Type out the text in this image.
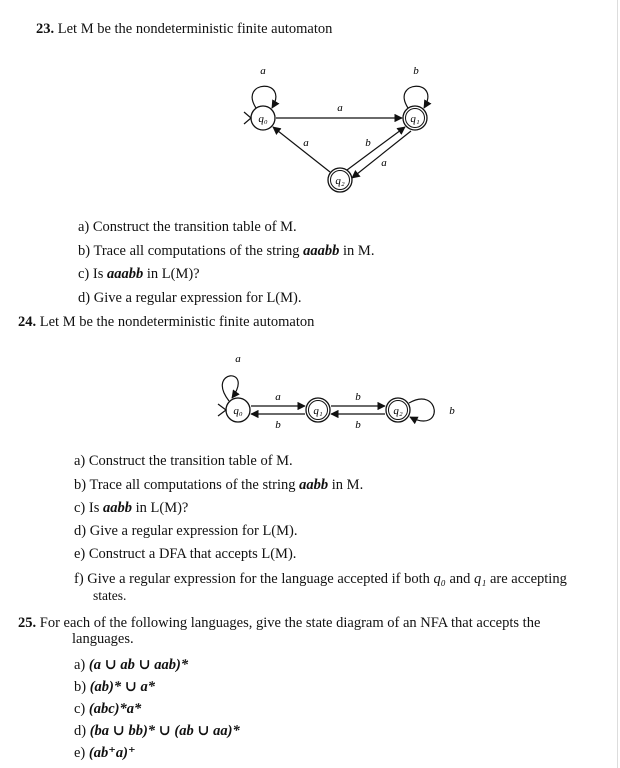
23. Let M be the nondeterministic finite automaton
q₀	q₁
q₂
a	b
a
a	b
a
a) Construct the transition table of M.
b) Trace all computations of the string aaabb in M.
c) Is aaabb in L(M)?
d) Give a regular expression for L(M).
24. Let M be the nondeterministic finite automaton
q₀	q₁	q₂
a
a
b
b
b
b
a) Construct the transition table of M.
b) Trace all computations of the string aabb in M.
c) Is aabb in L(M)?
d) Give a regular expression for L(M).
e) Construct a DFA that accepts L(M).
f) Give a regular expression for the language accepted if both q₀ and q₁ are accepting
states.
25. For each of the following languages, give the state diagram of an NFA that accepts the
languages.
a) (a ∪ ab ∪ aab)*
b) (ab)* ∪ a*
c) (abc)*a*
d) (ba ∪ bb)* ∪ (ab ∪ aa)*
e) (ab⁺a)⁺
